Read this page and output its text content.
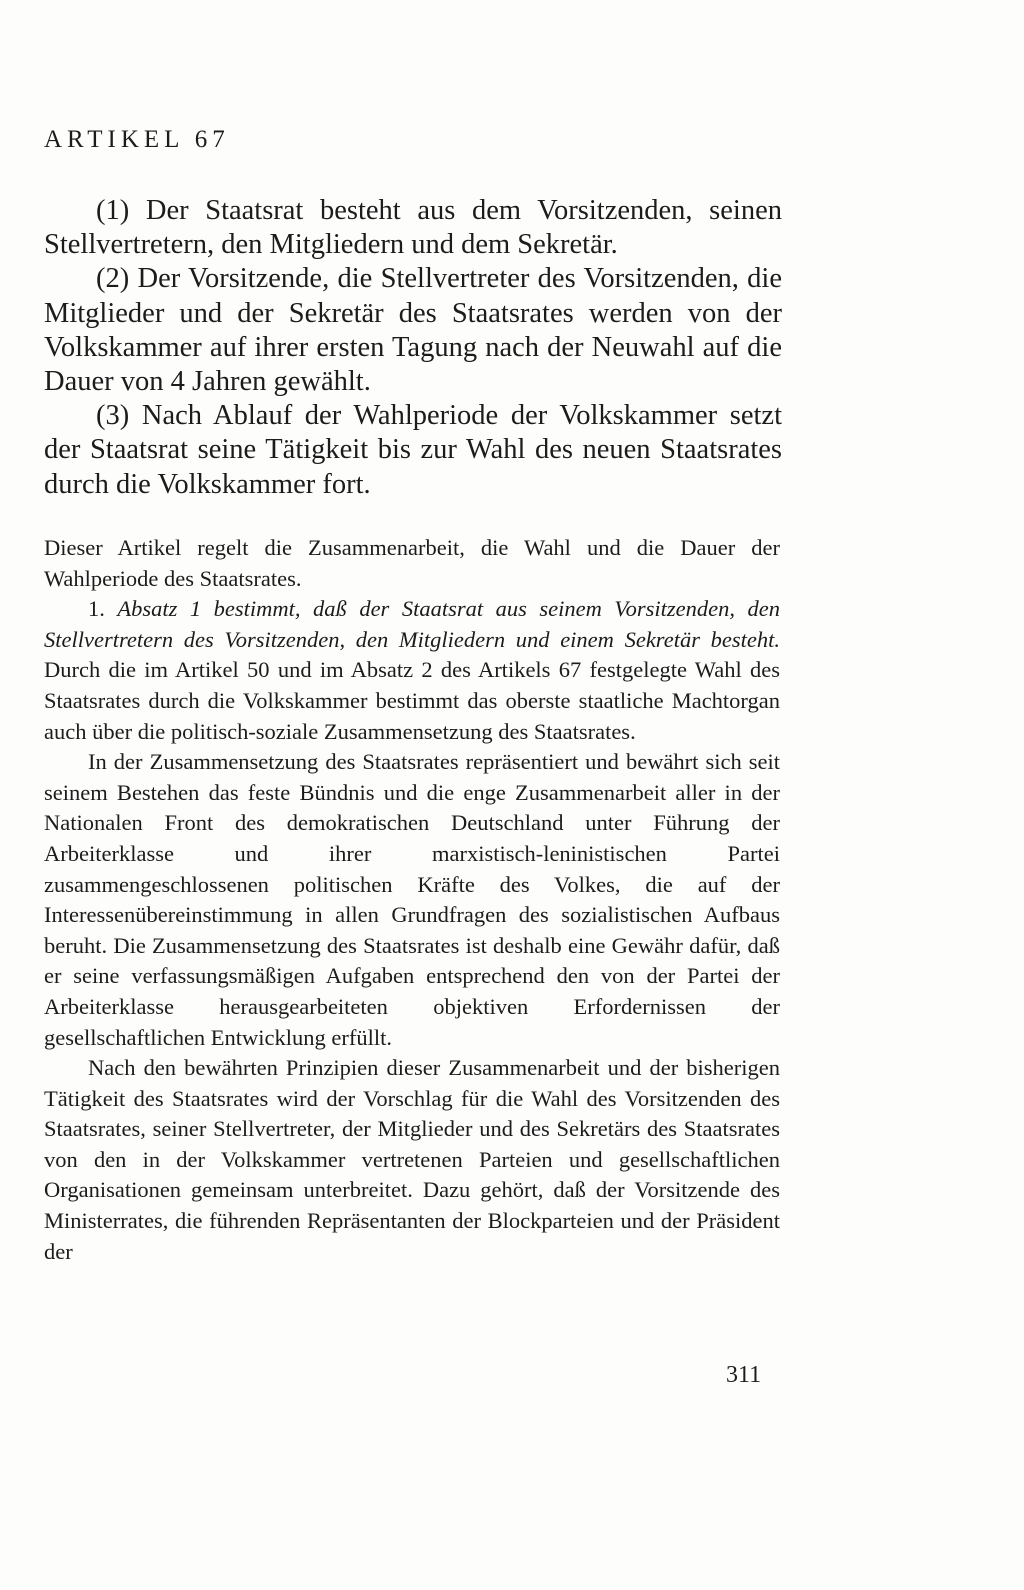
ARTIKEL 67

(1) Der Staatsrat besteht aus dem Vorsitzenden, seinen Stellvertretern, den Mitgliedern und dem Sekretär.

(2) Der Vorsitzende, die Stellvertreter des Vorsitzenden, die Mitglieder und der Sekretär des Staatsrates werden von der Volkskammer auf ihrer ersten Tagung nach der Neuwahl auf die Dauer von 4 Jahren gewählt.

(3) Nach Ablauf der Wahlperiode der Volkskammer setzt der Staatsrat seine Tätigkeit bis zur Wahl des neuen Staatsrates durch die Volkskammer fort.

Dieser Artikel regelt die Zusammenarbeit, die Wahl und die Dauer der Wahlperiode des Staatsrates.

1. Absatz 1 bestimmt, daß der Staatsrat aus seinem Vorsitzenden, den Stellvertretern des Vorsitzenden, den Mitgliedern und einem Sekretär besteht. Durch die im Artikel 50 und im Absatz 2 des Artikels 67 festgelegte Wahl des Staatsrates durch die Volkskammer bestimmt das oberste staatliche Machtorgan auch über die politisch-soziale Zusammensetzung des Staatsrates.

In der Zusammensetzung des Staatsrates repräsentiert und bewährt sich seit seinem Bestehen das feste Bündnis und die enge Zusammenarbeit aller in der Nationalen Front des demokratischen Deutschland unter Führung der Arbeiterklasse und ihrer marxistisch-leninistischen Partei zusammengeschlossenen politischen Kräfte des Volkes, die auf der Interessenübereinstimmung in allen Grundfragen des sozialistischen Aufbaus beruht. Die Zusammensetzung des Staatsrates ist deshalb eine Gewähr dafür, daß er seine verfassungsmäßigen Aufgaben entsprechend den von der Partei der Arbeiterklasse herausgearbeiteten objektiven Erfordernissen der gesellschaftlichen Entwicklung erfüllt.

Nach den bewährten Prinzipien dieser Zusammenarbeit und der bisherigen Tätigkeit des Staatsrates wird der Vorschlag für die Wahl des Vorsitzenden des Staatsrates, seiner Stellvertreter, der Mitglieder und des Sekretärs des Staatsrates von den in der Volkskammer vertretenen Parteien und gesellschaftlichen Organisationen gemeinsam unterbreitet. Dazu gehört, daß der Vorsitzende des Ministerrates, die führenden Repräsentanten der Blockparteien und der Präsident der

311
